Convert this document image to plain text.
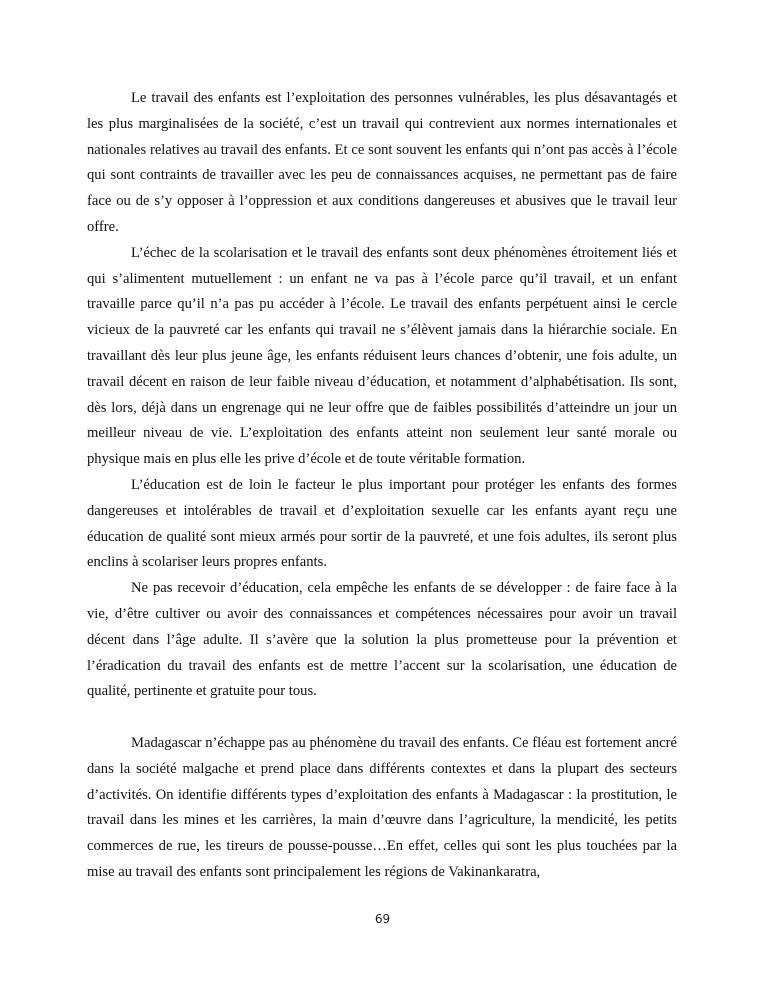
Le travail des enfants est l’exploitation des personnes vulnérables, les plus désavantagés et les plus marginalisées de la société, c’est un travail qui contrevient aux normes internationales et nationales relatives au travail des enfants. Et ce sont souvent les enfants qui n’ont pas accès à l’école qui sont contraints de travailler avec les peu de connaissances acquises, ne permettant pas de faire face ou de s’y opposer à l’oppression et aux conditions dangereuses et abusives que le travail leur offre.

L’échec de la scolarisation et le travail des enfants sont deux phénomènes étroitement liés et qui s’alimentent mutuellement : un enfant ne va pas à l’école parce qu’il travail, et un enfant travaille parce qu’il n’a pas pu accéder à l’école. Le travail des enfants perpétuent ainsi le cercle vicieux de la pauvreté car les enfants qui travail ne s’élèvent jamais dans la hiérarchie sociale. En travaillant dès leur plus jeune âge, les enfants réduisent leurs chances d’obtenir, une fois adulte, un travail décent en raison de leur faible niveau d’éducation, et notamment d’alphabétisation. Ils sont, dès lors, déjà dans un engrenage qui ne leur offre que de faibles possibilités d’atteindre un jour un meilleur niveau de vie. L’exploitation des enfants atteint non seulement leur santé morale ou physique mais en plus elle les prive d’école et de toute véritable formation.

L’éducation est de loin le facteur le plus important pour protéger les enfants des formes dangereuses et intolérables de travail et d’exploitation sexuelle car les enfants ayant reçu une éducation de qualité sont mieux armés pour sortir de la pauvreté, et une fois adultes, ils seront plus enclins à scolariser leurs propres enfants.

Ne pas recevoir d’éducation, cela empêche les enfants de se développer : de faire face à la vie, d’être cultiver ou avoir des connaissances et compétences nécessaires pour avoir un travail décent dans l’âge adulte. Il s’avère que la solution la plus prometteuse pour la prévention et l’éradication du travail des enfants est de mettre l’accent sur la scolarisation, une éducation de qualité, pertinente et gratuite pour tous.

Madagascar n’échappe pas au phénomène du travail des enfants. Ce fléau est fortement ancré dans la société malgache et prend place dans différents contextes et dans la plupart des secteurs d’activités. On identifie différents types d’exploitation des enfants à Madagascar : la prostitution, le travail dans les mines et les carrières, la main d’œuvre dans l’agriculture, la mendicité, les petits commerces de rue, les tireurs de pousse-pousse…En effet, celles qui sont les plus touchées par la mise au travail des enfants sont principalement les régions de Vakinankaratra,

69
